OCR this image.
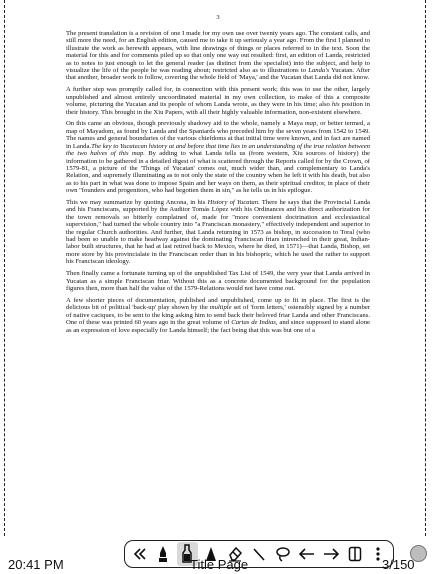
3

The present translation is a revision of one I made for my own use over twenty years ago. The constant calls, and still more the need, for an English edition, caused me to take it up seriously a year ago. From the first I planned to illustrate the work as herewith appears, with line drawings of things or places referred to in the text. Soon the material for this and for comments piled up so that only one way out resulted: first, an edition of Landa, restricted as to notes to just enough to let the general reader (as distinct from the specialist) into the subject, and help to visualize the life of the people he was reading about; restricted also as to illustrations to Landa's Yucatan. After that another, broader work to follow, covering the whole field of 'Maya,' and the Yucatan that Landa did not know.

A further step was promptly called for, in connection with this present work; this was to use the other, largely unpublished and almost entirely uncoordinated material in my own collection, to make of this a composite volume, picturing the Yucatan and its people of whom Landa wrote, as they were in his time; also his position in their history. This brought in the Xiu Papers, with all their highly valuable information, non-existent elsewhere.

On this came an obvious, though previously shadowy aid to the whole, namely a Maya map, or better termed, a map of Mayadom, as found by Landa and the Spaniards who preceded him by the seven years from 1542 to 1549. The names and general boundaries of the various chiefdoms at that initial time were known, and in fact are named in Landa.The key to Yucatecan history at and before that time lies in an understanding of the true relation between the two halves of this map. By adding to what Landa tells us (from western, Xiu sources of history) the information to be gathered in a detailed digest of what is scattered through the Reports called for by the Crown, of 1579-81, a picture of the 'Things of Yucatan' comes out, much wider than, and complementary to Landa's Relation, and supremely illuminating as to not only the state of the country when he left it with his death, but also as to his part in what was done to impose Spain and her ways on them, as their spiritual creditor, in place of their own "founders and progenitors, who had begotten them in sin," as he tells us in his epilogue.

This we may summarize by quoting Ancona, in his History of Yucatan. There he says that the Provincial Landa and his Franciscans, supported by the Auditor Tomás López with his Ordinances and his direct authorization for the town removals so bitterly complained of, made for "more convenient doctrination and ecclesiastical supervision," had turned the whole country into "a Franciscan monastery," effectively independent and superior to the regular Church authorities. And further, that Landa returning in 1573 as bishop, in succession to Toral (who had been so unable to make headway against the dominating Franciscan friars intrenched in their great, Indian-labor built structures, that he had at last retired back to Mexico, where he died, in 1571)—that Landa, Bishop, set more store by his provincialate in the Franciscan order than in his bishopric, which he used the rather to support his Franciscan ideology.

Then finally came a fortunate turning up of the unpublished Tax List of 1549, the very year that Landa arrived in Yucatan as a simple Franciscan friar. Without this as a concrete documented background for the population figures then, more than half the value of the 1579-Relations would not have come out.

A few shorter pieces of documentation, published and unpublished, come up to fit in place. The first is the delicious bit of political 'back-up' play shown by the multiple set of 'form letters,' ostensibly signed by a number of native caciques, to be sent to the king asking him to send back their beloved friar Landa and other Franciscans. One of these was printed 60 years ago in the great volume of Cartas de Indias, and since supposed to stand alone as an expression of love especially for Landa himself; the fact being that this was but one of a

20:41 PM	Title Page	3/150
